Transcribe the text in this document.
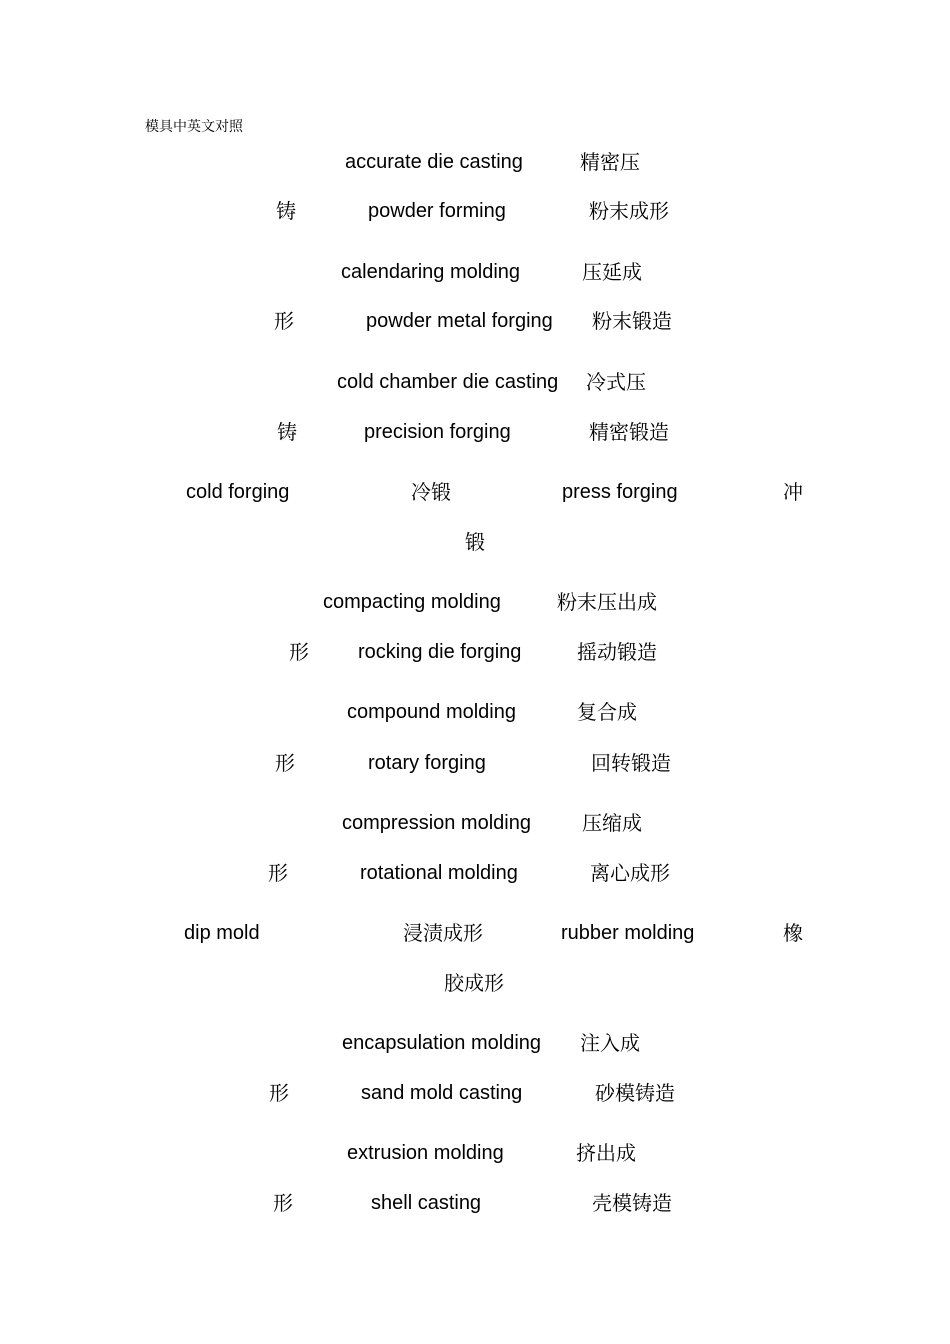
模具中英文对照
accurate die casting	精密压
铸	powder forming	粉末成形
calendaring molding	压延成
形	powder metal forging 粉末锻造
cold chamber die casting 冷式压
铸	precision forging	精密锻造
cold forging	冷锻	press forging	冲
锻
compacting molding	粉末压出成
形 rocking die forging	摇动锻造
compound molding	复合成
形	rotary forging	回转锻造
compression molding	压缩成
形	rotational molding	离心成形
dip mold	浸渍成形	rubber molding	橡
胶成形
encapsulation molding 注入成
形	sand mold casting	砂模铸造
extrusion molding	挤出成
形	shell casting	壳模铸造
